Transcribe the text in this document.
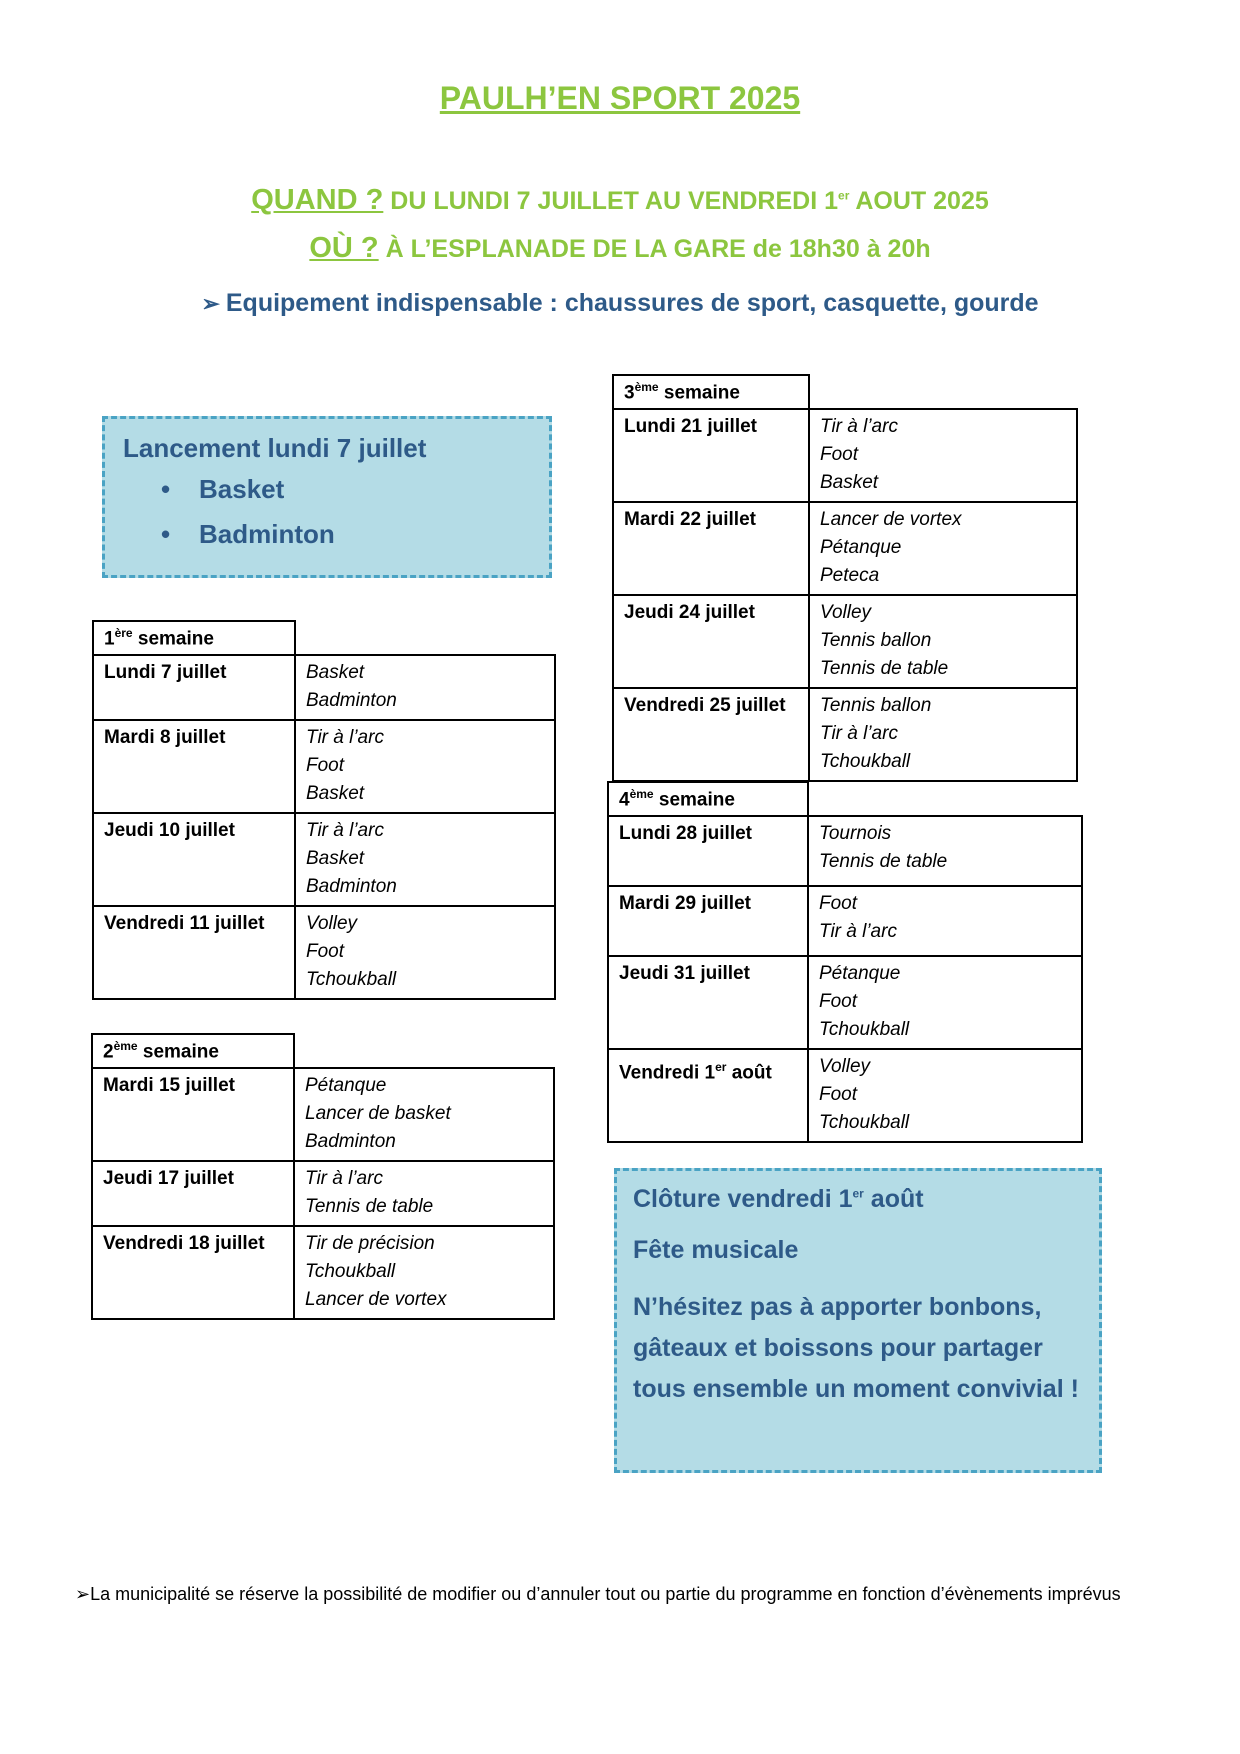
PAULH’EN SPORT 2025
QUAND ? DU LUNDI 7 JUILLET AU VENDREDI 1er AOUT 2025
OÙ ? À L’ESPLANADE DE LA GARE de 18h30 à 20h
➢ Equipement indispensable : chaussures de sport, casquette, gourde
Lancement lundi 7 juillet
• Basket
• Badminton
1ère semaine
Lundi 7 juillet	Basket
Badminton

Mardi 8 juillet	Tir à l’arc
Foot
Basket

Jeudi 10 juillet	Tir à l’arc
Basket
Badminton

Vendredi 11 juillet	Volley
Foot
Tchoukball
2ème semaine
Mardi 15 juillet	Pétanque
Lancer de basket
Badminton

Jeudi 17 juillet	Tir à l’arc
Tennis de table

Vendredi 18 juillet	Tir de précision
Tchoukball
Lancer de vortex
3ème semaine
Lundi 21 juillet	Tir à l’arc
Foot
Basket

Mardi 22 juillet	Lancer de vortex
Pétanque
Peteca

Jeudi 24 juillet	Volley
Tennis ballon
Tennis de table

Vendredi 25 juillet	Tennis ballon
Tir à l’arc
Tchoukball
4ème semaine
Lundi 28 juillet	Tournois
Tennis de table

Mardi 29 juillet	Foot
Tir à l’arc

Jeudi 31 juillet	Pétanque
Foot
Tchoukball

Vendredi 1er août	Volley
Foot
Tchoukball

Clôture vendredi 1er août

Fête musicale

N’hésitez pas à apporter bonbons, gâteaux et boissons pour partager tous ensemble un moment convivial !

➢La municipalité se réserve la possibilité de modifier ou d’annuler tout ou partie du programme en fonction d’évènements imprévus
